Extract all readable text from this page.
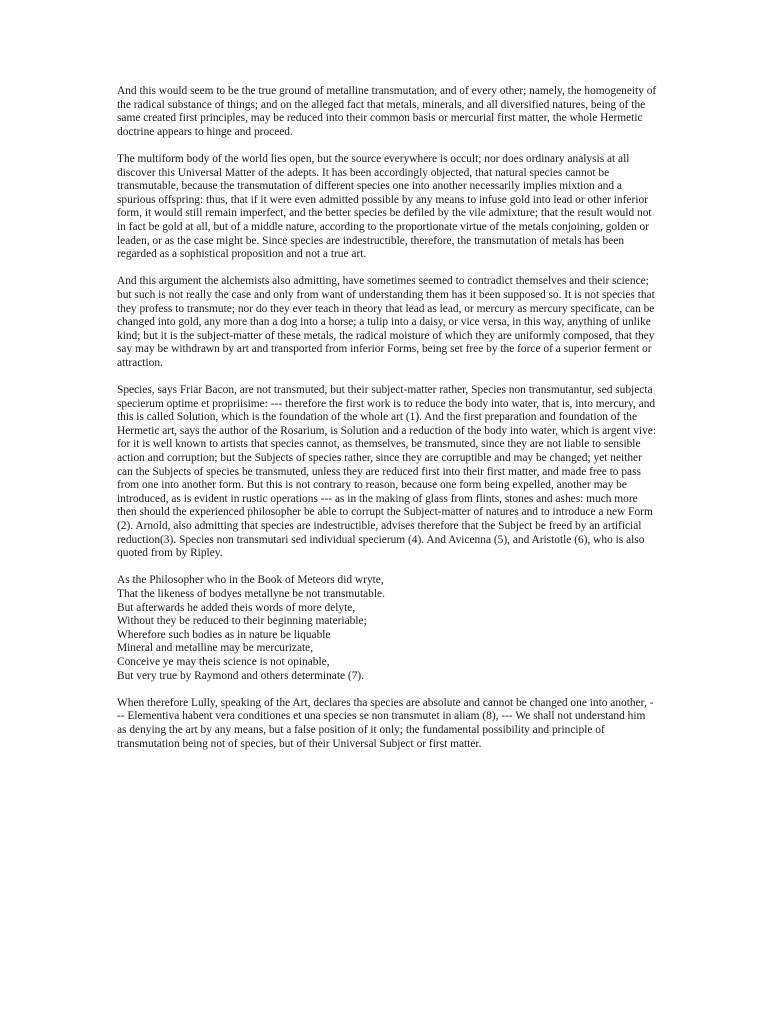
And this would seem to be the true ground of metalline transmutation, and of every other; namely, the homogeneity of the radical substance of things; and on the alleged fact that metals, minerals, and all diversified natures, being of the same created first principles, may be reduced into their common basis or mercurial first matter, the whole Hermetic doctrine appears to hinge and proceed.

The multiform body of the world lies open, but the source everywhere is occult; nor does ordinary analysis at all discover this Universal Matter of the adepts. It has been accordingly objected, that natural species cannot be transmutable, because the transmutation of different species one into another necessarily implies mixtion and a spurious offspring: thus, that if it were even admitted possible by any means to infuse gold into lead or other inferior form, it would still remain imperfect, and the better species be defiled by the vile admixture; that the result would not in fact be gold at all, but of a middle nature, according to the proportionate virtue of the metals conjoining, golden or leaden, or as the case might be. Since species are indestructible, therefore, the transmutation of metals has been regarded as a sophistical proposition and not a true art.

And this argument the alchemists also admitting, have sometimes seemed to contradict themselves and their science; but such is not really the case and only from want of understanding them has it been supposed so. It is not species that they profess to transmute; nor do they ever teach in theory that lead as lead, or mercury as mercury specificate, can be changed into gold, any more than a dog into a horse; a tulip into a daisy, or vice versa, in this way, anything of unlike kind; but it is the subject-matter of these metals, the radical moisture of which they are uniformly composed, that they say may be withdrawn by art and transported from inferior Forms, being set free by the force of a superior ferment or attraction.

Species, says Friar Bacon, are not transmuted, but their subject-matter rather, Species non transmutantur, sed subjecta specierum optime et propriisime: --- therefore the first work is to reduce the body into water, that is, into mercury, and this is called Solution, which is the foundation of the whole art (1). And the first preparation and foundation of the Hermetic art, says the author of the Rosarium, is Solution and a reduction of the body into water, which is argent vive: for it is well known to artists that species cannot, as themselves, be transmuted, since they are not liable to sensible action and corruption; but the Subjects of species rather, since they are corruptible and may be changed; yet neither can the Subjects of species be transmuted, unless they are reduced first into their first matter, and made free to pass from one into another form. But this is not contrary to reason, because one form being expelled, another may be introduced, as is evident in rustic operations --- as in the making of glass from flints, stones and ashes: much more then should the experienced philosopher be able to corrupt the Subject-matter of natures and to introduce a new Form (2). Arnold, also admitting that species are indestructible, advises therefore that the Subject be freed by an artificial reduction(3). Species non transmutari sed individual specierum (4). And Avicenna (5), and Aristotle (6), who is also quoted from by Ripley.

As the Philosopher who in the Book of Meteors did wryte,
That the likeness of bodyes metallyne be not transmutable.
But afterwards he added theis words of more delyte,
Without they be reduced to their beginning materiable;
Wherefore such bodies as in nature be liquable
Mineral and metalline may be mercurizate,
Conceive ye may theis science is not opinable,
But very true by Raymond and others determinate (7).

When therefore Lully, speaking of the Art, declares tha species are absolute and cannot be changed one into another, --- Elementiva habent vera conditiones et una species se non transmutet in aliam (8), --- We shall not understand him as denying the art by any means, but a false position of it only; the fundamental possibility and principle of transmutation being not of species, but of their Universal Subject or first matter.
